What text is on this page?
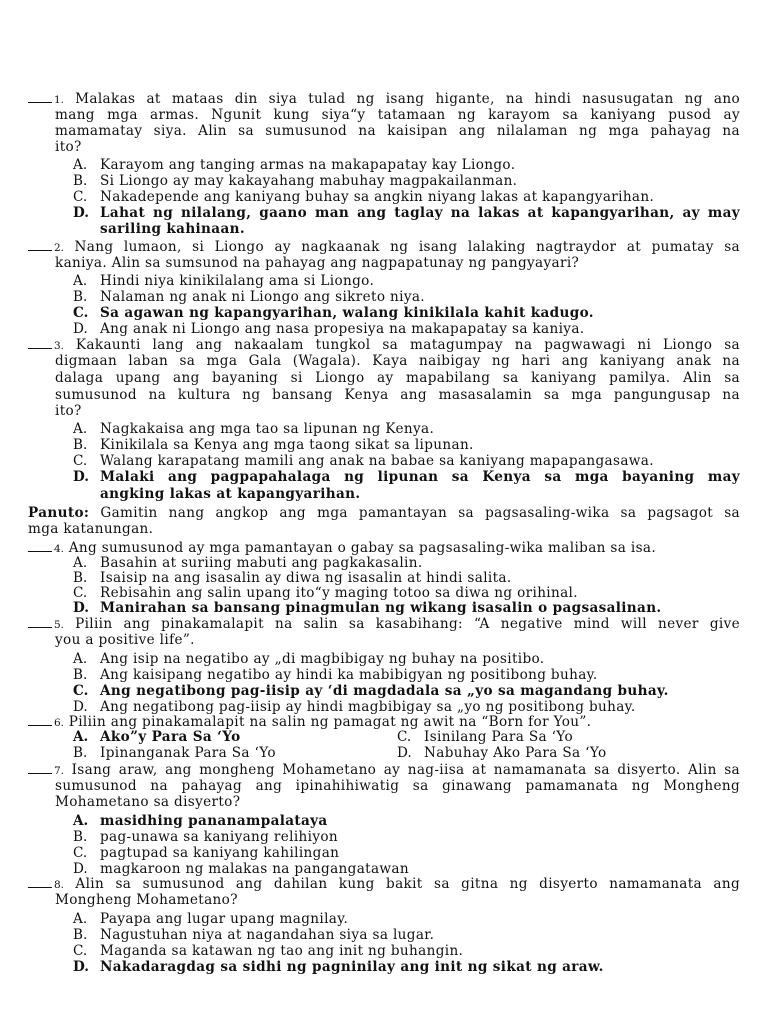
1. Malakas at mataas din siya tulad ng isang higante, na hindi nasusugatan ng ano
mang mga armas. Ngunit kung siya“y tatamaan ng karayom sa kaniyang pusod ay
mamamatay siya. Alin sa sumusunod na kaisipan ang nilalaman ng mga pahayag na
ito?
A. Karayom ang tanging armas na makapapatay kay Liongo.
B. Si Liongo ay may kakayahang mabuhay magpakailanman.
C. Nakadepende ang kaniyang buhay sa angkin niyang lakas at kapangyarihan.
D. Lahat ng nilalang, gaano man ang taglay na lakas at kapangyarihan, ay may
sariling kahinaan.
2. Nang lumaon, si Liongo ay nagkaanak ng isang lalaking nagtraydor at pumatay sa
kaniya. Alin sa sumsunod na pahayag ang nagpapatunay ng pangyayari?
A. Hindi niya kinikilalang ama si Liongo.
B. Nalaman ng anak ni Liongo ang sikreto niya.
C. Sa agawan ng kapangyarihan, walang kinikilala kahit kadugo.
D. Ang anak ni Liongo ang nasa propesiya na makapapatay sa kaniya.
3. Kakaunti lang ang nakaalam tungkol sa matagumpay na pagwawagi ni Liongo sa
digmaan laban sa mga Gala (Wagala). Kaya naibigay ng hari ang kaniyang anak na
dalaga upang ang bayaning si Liongo ay mapabilang sa kaniyang pamilya. Alin sa
sumusunod na kultura ng bansang Kenya ang masasalamin sa mga pangungusap na
ito?
A. Nagkakaisa ang mga tao sa lipunan ng Kenya.
B. Kinikilala sa Kenya ang mga taong sikat sa lipunan.
C. Walang karapatang mamili ang anak na babae sa kaniyang mapapangasawa.
D. Malaki ang pagpapahalaga ng lipunan sa Kenya sa mga bayaning may
angking lakas at kapangyarihan.
Panuto: Gamitin nang angkop ang mga pamantayan sa pagsasaling-wika sa pagsagot sa
mga katanungan.
4. Ang sumusunod ay mga pamantayan o gabay sa pagsasaling-wika maliban sa isa.
A. Basahin at suriing mabuti ang pagkakasalin.
B. Isaisip na ang isasalin ay diwa ng isasalin at hindi salita.
C. Rebisahin ang salin upang ito“y maging totoo sa diwa ng orihinal.
D. Manirahan sa bansang pinagmulan ng wikang isasalin o pagsasalinan.
5. Piliin ang pinakamalapit na salin sa kasabihang: “A negative mind will never give
you a positive life”.
A. Ang isip na negatibo ay „di magbibigay ng buhay na positibo.
B. Ang kaisipang negatibo ay hindi ka mabibigyan ng positibong buhay.
C. Ang negatibong pag-iisip ay ‘di magdadala sa „yo sa magandang buhay.
D. Ang negatibong pag-iisip ay hindi magbibigay sa „yo ng positibong buhay.
6. Piliin ang pinakamalapit na salin ng pamagat ng awit na “Born for You”.
A. Ako”y Para Sa ‘Yo
B. Ipinanganak Para Sa ‘Yo
C. Isinilang Para Sa ‘Yo
D. Nabuhay Ako Para Sa ‘Yo
7. Isang araw, ang mongheng Mohametano ay nag-iisa at namamanata sa disyerto. Alin sa
sumusunod na pahayag ang ipinahihiwatig sa ginawang pamamanata ng Mongheng
Mohametano sa disyerto?
A. masidhing pananampalataya
B. pag-unawa sa kaniyang relihiyon
C. pagtupad sa kaniyang kahilingan
D. magkaroon ng malakas na pangangatawan
8. Alin sa sumusunod ang dahilan kung bakit sa gitna ng disyerto namamanata ang
Mongheng Mohametano?
A. Payapa ang lugar upang magnilay.
B. Nagustuhan niya at nagandahan siya sa lugar.
C. Maganda sa katawan ng tao ang init ng buhangin.
D. Nakadaragdag sa sidhi ng pagninilay ang init ng sikat ng araw.
